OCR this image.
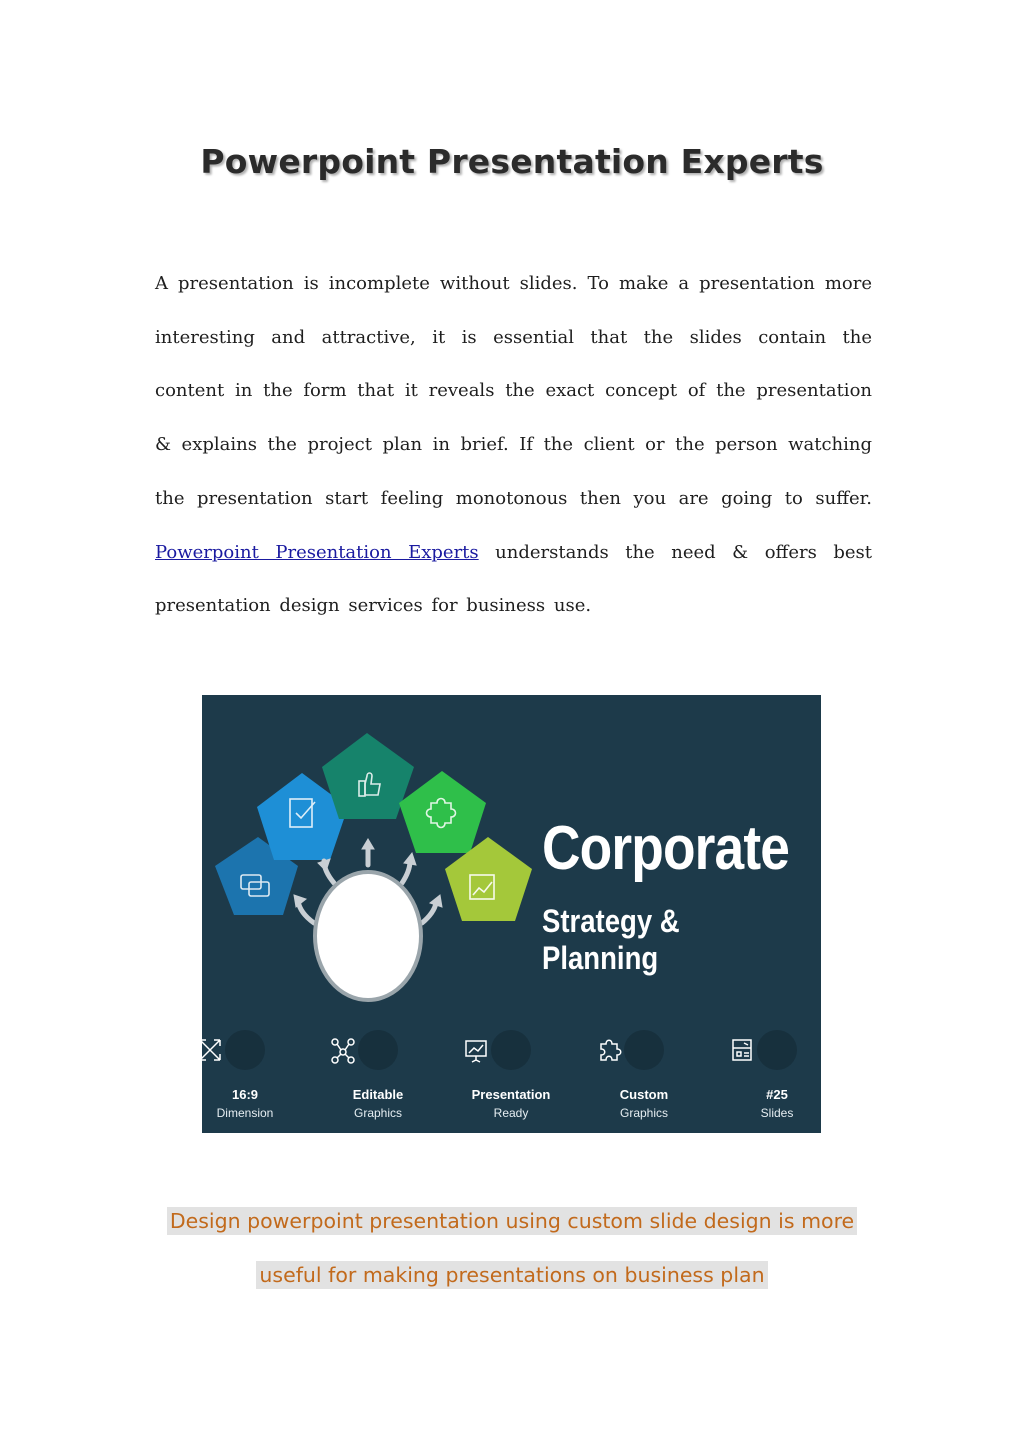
Powerpoint Presentation Experts

A presentation is incomplete without slides. To make a presentation more interesting and attractive, it is essential that the slides contain the content in the form that it reveals the exact concept of the presentation & explains the project plan in brief. If the client or the person watching the presentation start feeling monotonous then you are going to suffer. Powerpoint Presentation Experts understands the need & offers best presentation design services for business use.

Corporate
Strategy & Planning
16:9
Dimension
Editable
Graphics
Presentation
Ready
Custom
Graphics
#25
Slides

Design powerpoint presentation using custom slide design is more

useful for making presentations on business plan
